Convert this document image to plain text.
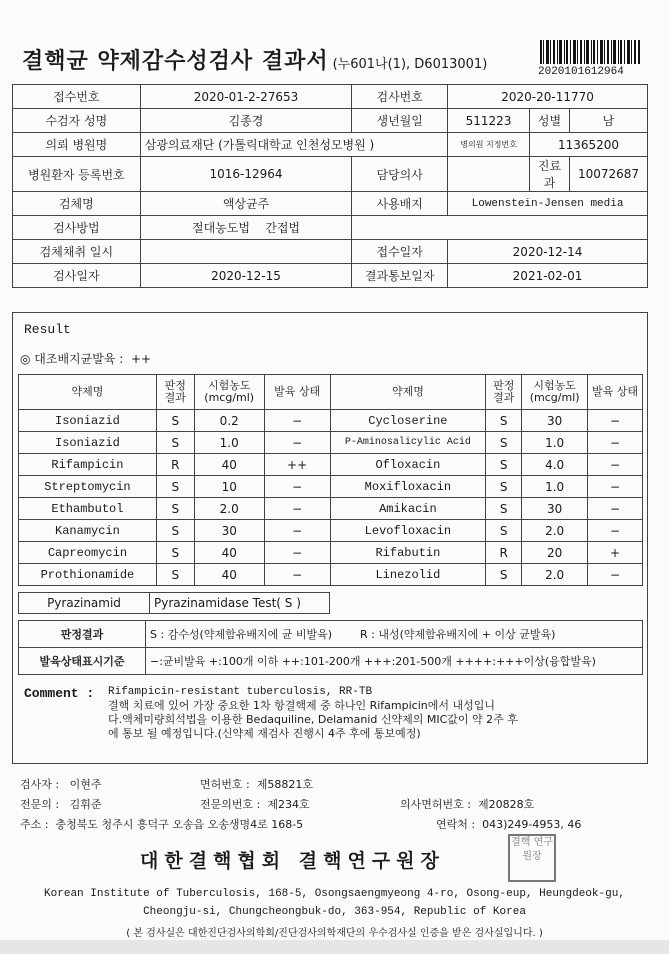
결핵균 약제감수성검사 결과서 (누601나(1), D6013001)	2020101612964
접수번호	2020-01-2-27653	검사번호	2020-20-11770		
수검자 성명	김종경	생년월일	511223	성별	남
의뢰 병원명	삼광의료재단 (가톨릭대학교 인천성모병원 )		병의원 지정번호	11365200	
병원환자 등록번호	1016-12964	담당의사		진료과	10072687
검체명	액상균주	사용배지	Lowenstein-Jensen media		
검사방법	절대농도법 간접법				
검체채취 일시		접수일자	2020-12-14		
검사일자	2020-12-15	결과통보일자	2021-02-01		
Result
◎ 대조배지균발육 : ++
약제명	판정 결과	시험농도 (mcg/ml)	발육 상태	약제명	판정 결과	시험농도 (mcg/ml)	발육 상태
Isoniazid	S	0.2	−	Cycloserine	S	30	−
Isoniazid	S	1.0	−	P-Aminosalicylic Acid	S	1.0	−
Rifampicin	R	40	++	Ofloxacin	S	4.0	−
Streptomycin	S	10	−	Moxifloxacin	S	1.0	−
Ethambutol	S	2.0	−	Amikacin	S	30	−
Kanamycin	S	30	−	Levofloxacin	S	2.0	−
Capreomycin	S	40	−	Rifabutin	R	20	+
Prothionamide	S	40	−	Linezolid	S	2.0	−
Pyrazinamid	Pyrazinamidase Test( S )
판정결과	S : 감수성(약제함유배지에 균 비발육) R : 내성(약제함유배지에 + 이상 균발육)
발육상태표시기준	−:균비발육 +:100개 이하 ++:101-200개 +++:201-500개 ++++:+++이상(융합발육)
Comment : Rifampicin-resistant tuberculosis, RR-TB
결핵 치료에 있어 가장 중요한 1차 항결핵제 중 하나인 Rifampicin에서 내성입니
다.액체미량희석법을 이용한 Bedaquiline, Delamanid 신약제의 MIC값이 약 2주 후
에 통보 될 예정입니다.(신약제 재검사 진행시 4주 후에 통보예정)
검사자 : 이현주	면허번호 : 제58821호
전문의 : 김휘준	전문의번호 : 제234호	의사면허번호 : 제20828호
주소 : 충청북도 청주시 흥덕구 오송읍 오송생명4로 168-5	연락처 : 043)249-4953, 46
대한결핵협회 결핵연구원장
결핵 연구 원장
Korean Institute of Tuberculosis, 168-5, Osongsaengmyeong 4-ro, Osong-eup, Heungdeok-gu,
Cheongju-si, Chungcheongbuk-do, 363-954, Republic of Korea
( 본 검사실은 대한진단검사의학회/진단검사의학재단의 우수검사실 인증을 받은 검사실입니다. )
